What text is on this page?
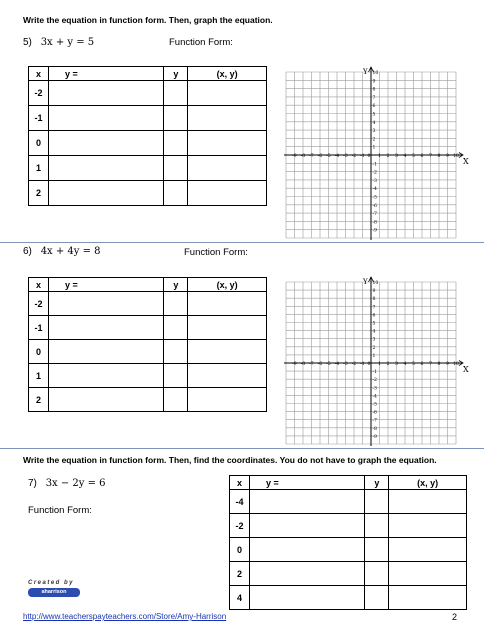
Write the equation in function form. Then, graph the equation.
5) 3x + y = 5	Function Form:
x	y =	y	(x, y)
-2			
-1			
0			
1			
2			
-9 -8 -7 -6 -5 -4 -3 -2 -1	1 2 3 4 5 6 7 8 9 10
0
10
9
8
7
6
5
4
3
2
1
-1
-2
-3
-4
-5
-6
-7
-8
-9
X
Y
6) 4x + 4y = 8	Function Form:
x	y =	y	(x, y)
-2			
-1			
0			
1			
2			
-9 -8 -7 -6 -5 -4 -3 -2 -1	1 2 3 4 5 6 7 8 9 10
0
10
9
8
7
6
5
4
3
2
1
-1
-2
-3
-4
-5
-6
-7
-8
-9
X
Y
Write the equation in function form. Then, find the coordinates. You do not have to graph the equation.
7) 3x − 2y = 6
Function Form:
x	y =	y	(x, y)
-4			
-2			
0			
2			
4			
Created by
aharrison
http://www.teacherspayteachers.com/Store/Amy-Harrison	2
